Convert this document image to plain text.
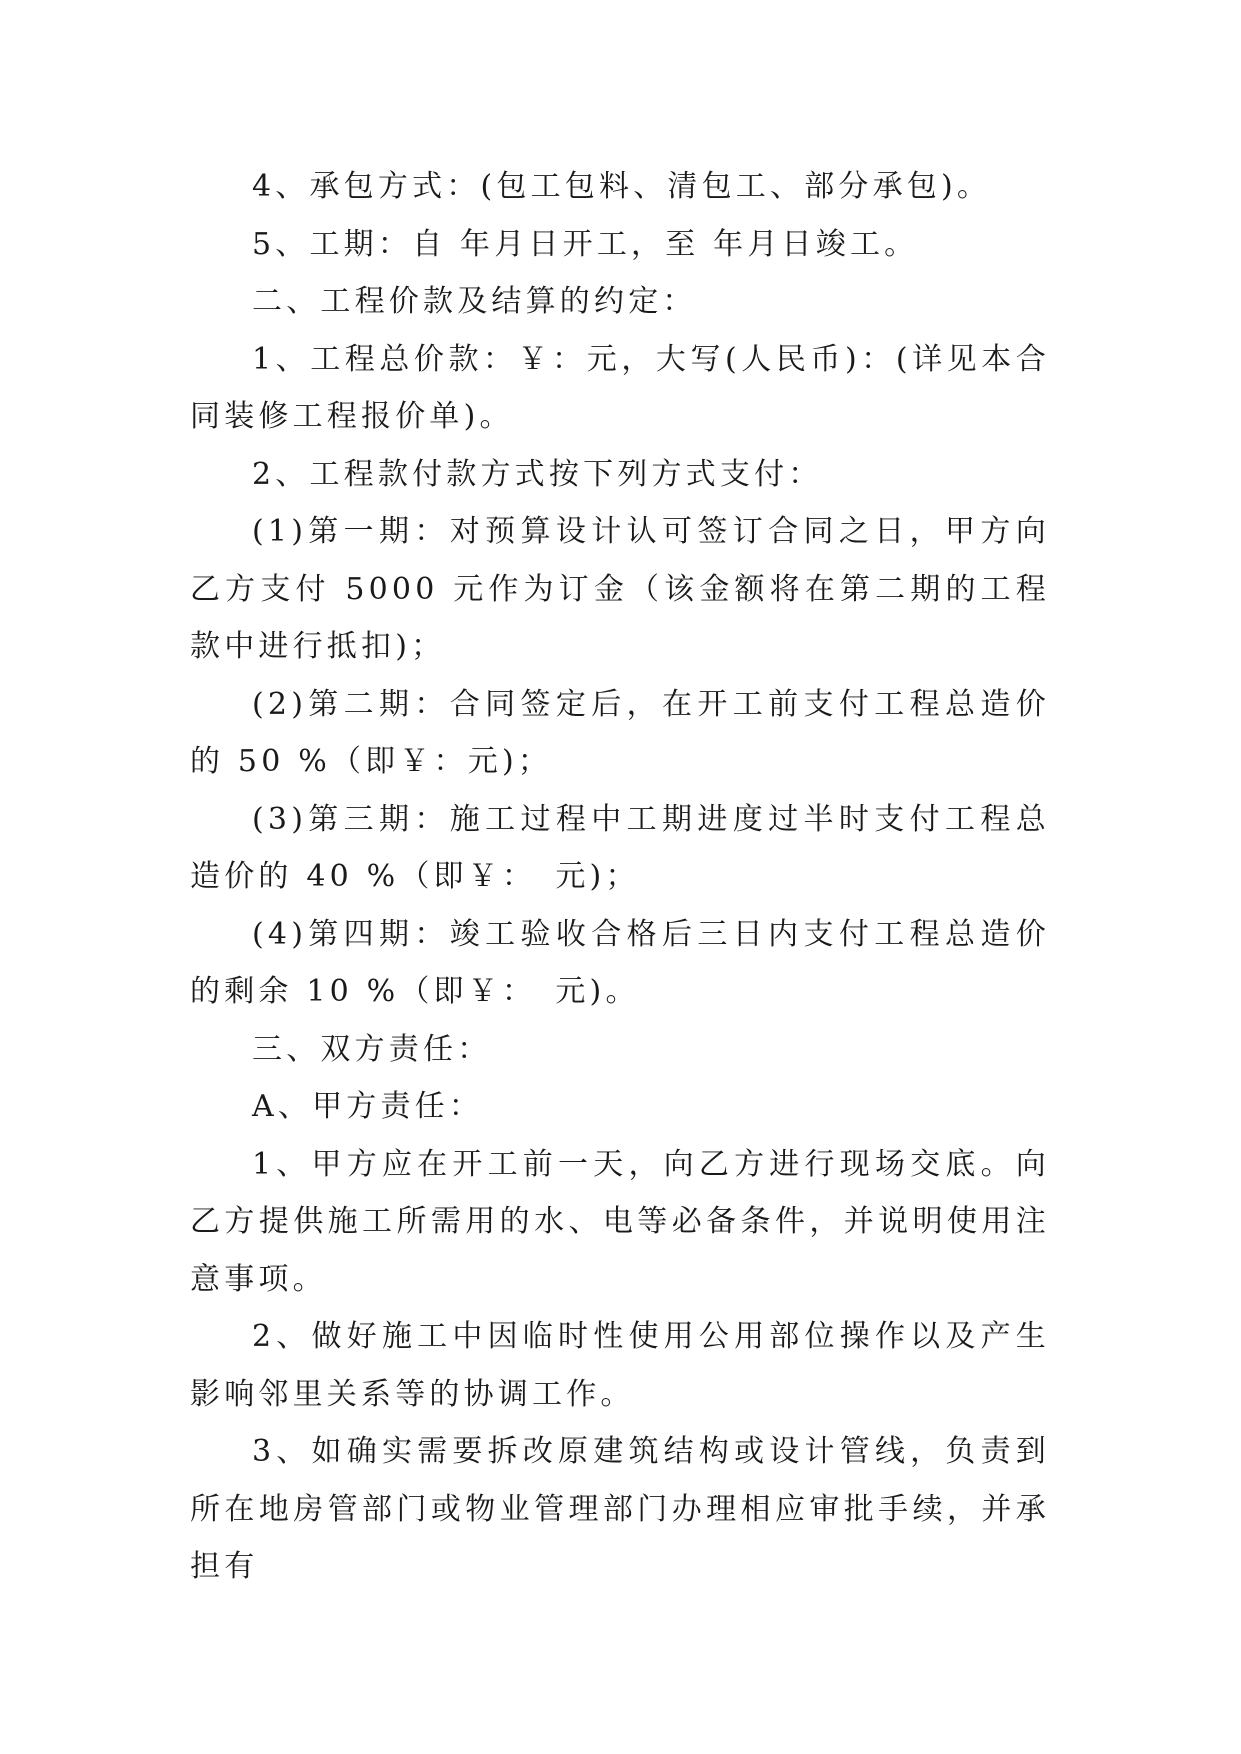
4、承包方式：(包工包料、清包工、部分承包)。

5、工期：自 年月日开工，至 年月日竣工。

二、工程价款及结算的约定：

1、工程总价款：￥：元，大写(人民币)：(详见本合同装修工程报价单)。

2、工程款付款方式按下列方式支付：

(1)第一期：对预算设计认可签订合同之日，甲方向乙方支付 5000 元作为订金（该金额将在第二期的工程款中进行抵扣)；

(2)第二期：合同签定后，在开工前支付工程总造价的 50 %（即￥：元)；

(3)第三期：施工过程中工期进度过半时支付工程总造价的 40 %（即￥：　元)；

(4)第四期：竣工验收合格后三日内支付工程总造价的剩余 10 %（即￥：　元)。

三、双方责任：

A、甲方责任：

1、甲方应在开工前一天，向乙方进行现场交底。向乙方提供施工所需用的水、电等必备条件，并说明使用注意事项。

2、做好施工中因临时性使用公用部位操作以及产生影响邻里关系等的协调工作。

3、如确实需要拆改原建筑结构或设计管线，负责到所在地房管部门或物业管理部门办理相应审批手续，并承担有
